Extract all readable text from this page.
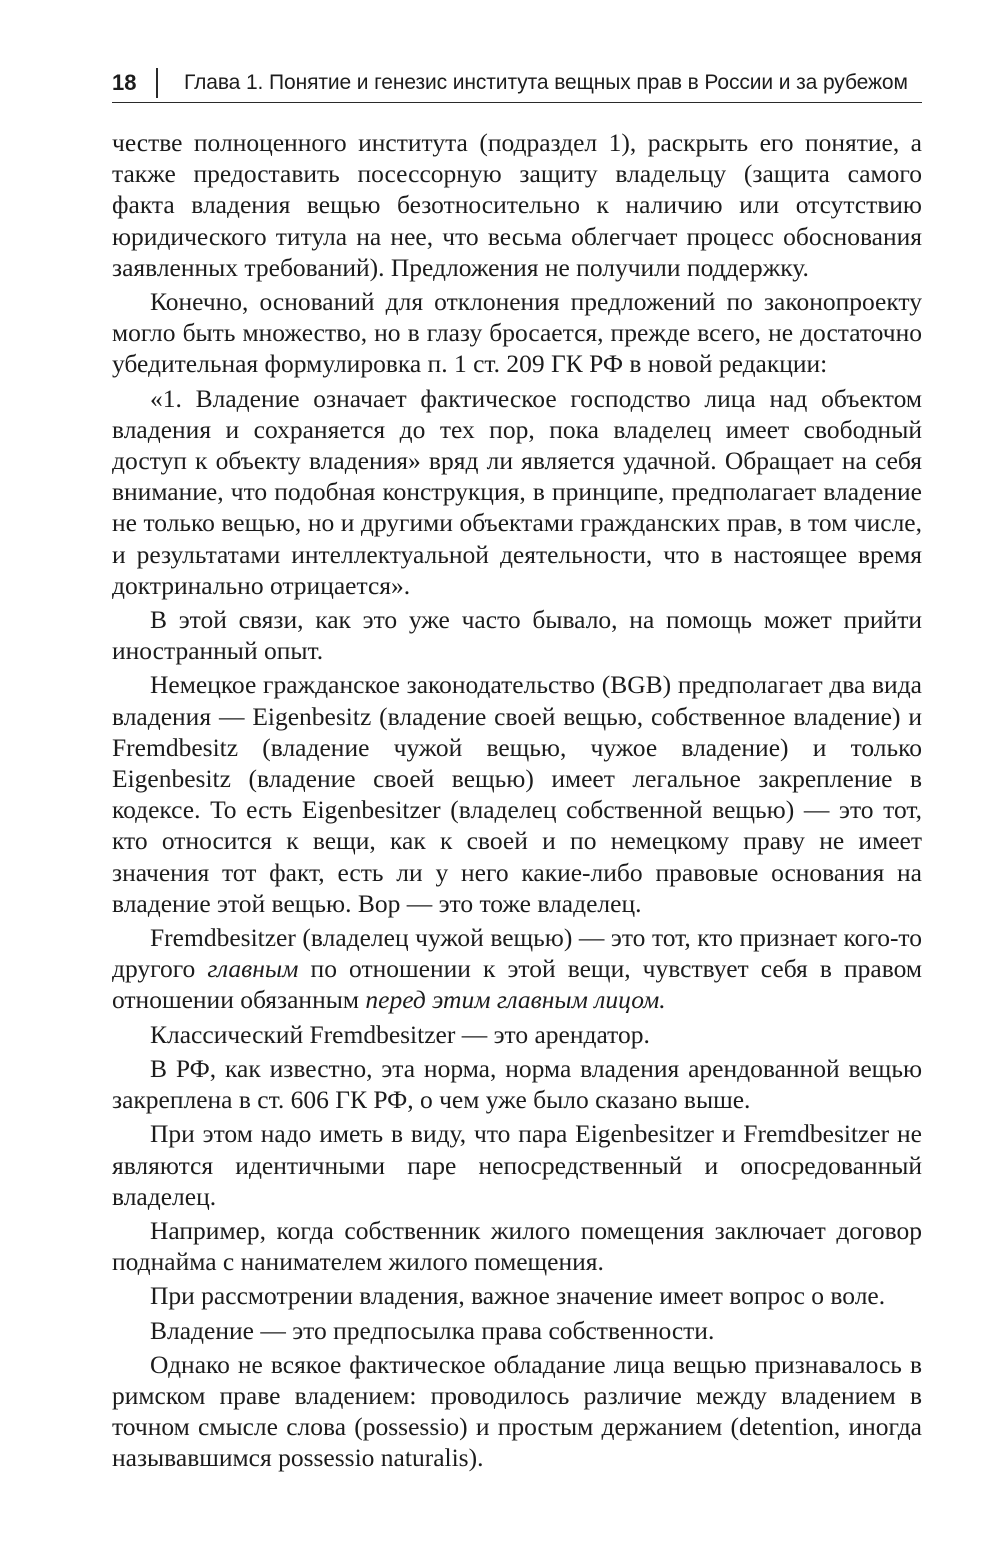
18 Глава 1. Понятие и генезис института вещных прав в России и за рубежом

честве полноценного института (подраздел 1), раскрыть его понятие, а также предоставить посессорную защиту владельцу (защита самого факта владения вещью безотносительно к наличию или отсутствию юридического титула на нее, что весьма облегчает процесс обоснования заявленных требований). Предложения не получили поддержку.

Конечно, оснований для отклонения предложений по законопроекту могло быть множество, но в глазу бросается, прежде всего, не достаточно убедительная формулировка п. 1 ст. 209 ГК РФ в новой редакции:

«1. Владение означает фактическое господство лица над объектом владения и сохраняется до тех пор, пока владелец имеет свободный доступ к объекту владения» вряд ли является удачной. Обращает на себя внимание, что подобная конструкция, в принципе, предполагает владение не только вещью, но и другими объектами гражданских прав, в том числе, и результатами интеллектуальной деятельности, что в настоящее время доктринально отрицается».

В этой связи, как это уже часто бывало, на помощь может прийти иностранный опыт.

Немецкое гражданское законодательство (BGB) предполагает два вида владения — Eigenbesitz (владение своей вещью, собственное владение) и Fremdbesitz (владение чужой вещью, чужое владение) и только Eigenbesitz (владение своей вещью) имеет легальное закрепление в кодексе. То есть Eigenbesitzer (владелец собственной вещью) — это тот, кто относится к вещи, как к своей и по немецкому праву не имеет значения тот факт, есть ли у него какие-либо правовые основания на владение этой вещью. Вор — это тоже владелец.

Fremdbesitzer (владелец чужой вещью) — это тот, кто признает кого-то другого главным по отношении к этой вещи, чувствует себя в правом отношении обязанным перед этим главным лицом.

Классический Fremdbesitzer — это арендатор.

В РФ, как известно, эта норма, норма владения арендованной вещью закреплена в ст. 606 ГК РФ, о чем уже было сказано выше.

При этом надо иметь в виду, что пара Eigenbesitzer и Fremdbesitzer не являются идентичными паре непосредственный и опосредованный владелец.

Например, когда собственник жилого помещения заключает договор поднайма с нанимателем жилого помещения.

При рассмотрении владения, важное значение имеет вопрос о воле.

Владение — это предпосылка права собственности.

Однако не всякое фактическое обладание лица вещью признавалось в римском праве владением: проводилось различие между владением в точном смысле слова (possessio) и простым держанием (detention, иногда называвшимся possessio naturalis).
